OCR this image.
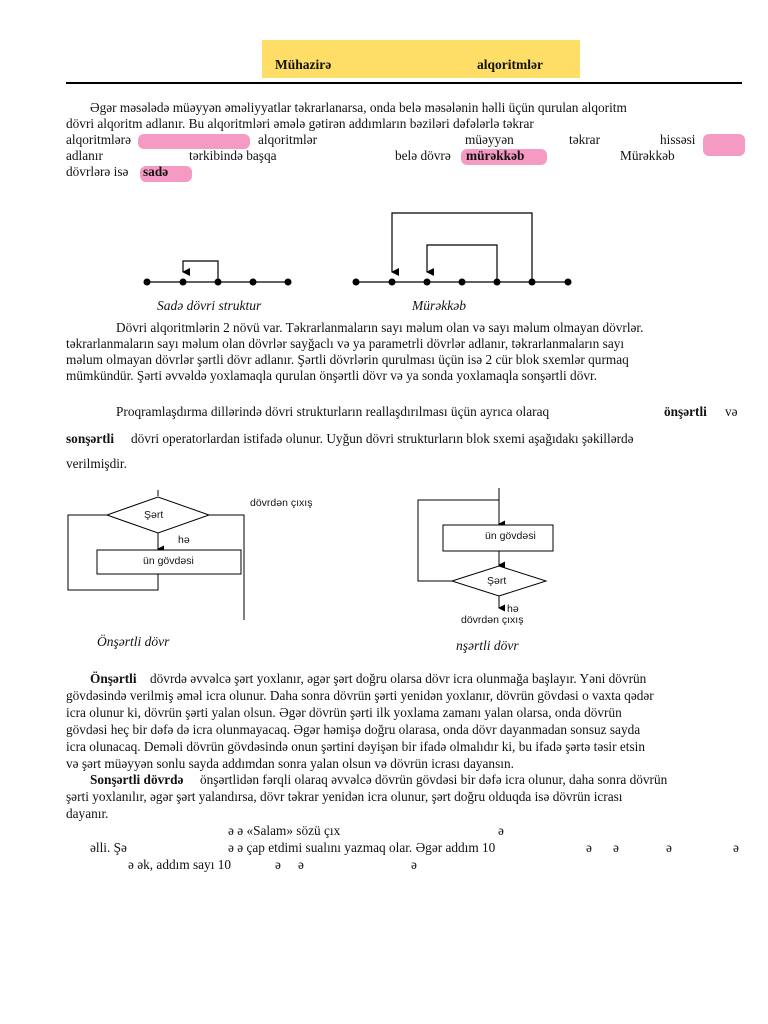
Mühazirə	alqoritmlər
Əgər məsələdə müəyyən əməliyyatlar təkrarlanarsa, onda belə məsələnin həlli üçün qurulan alqoritm
dövri alqoritm adlanır. Bu alqoritmləri əmələ gətirən addımların bəziləri dəfələrlə təkrar
alqoritmlərə	alqoritmlər	müəyyən	təkrar	hissəsi
adlanır	tərkibində başqa	belə dövrə mürəkkəb	Mürəkkəb
dövrlərə isə sadə
Sadə dövri struktur	Mürəkkəb
Dövri alqoritmlərin 2 növü var. Təkrarlanmaların sayı məlum olan və sayı məlum olmayan dövrlər.
təkrarlanmaların sayı məlum olan dövrlər sayğaclı və ya parametrli dövrlər adlanır, təkrarlanmaların sayı
məlum olmayan dövrlər şərtli dövr adlanır. Şərtli dövrlərin qurulması üçün isə 2 cür blok sxemlər qurmaq
mümkündür. Şərti əvvəldə yoxlamaqla qurulan önşərtli dövr və ya sonda yoxlamaqla sonşərtli dövr.
Proqramlaşdırma dillərində dövri strukturların reallaşdırılması üçün ayrıca olaraq	önşərtli və
sonşərtli dövri operatorlardan istifadə olunur. Uyğun dövri strukturların blok sxemi aşağıdakı şəkillərdə
verilmişdir.
Şərt
hə
ün gövdəsi
dövrdən çıxış
Önşərtli dövr
ün gövdəsi
Şərt
hə
dövrdən çıxış
nşərtli dövr
Önşərtli dövrdə əvvəlcə şərt yoxlanır, əgər şərt doğru olarsa dövr icra olunmağa başlayır. Yəni dövrün
gövdəsində verilmiş əməl icra olunur. Daha sonra dövrün şərti yenidən yoxlanır, dövrün gövdəsi o vaxta qədər
icra olunur ki, dövrün şərti yalan olsun. Əgər dövrün şərti ilk yoxlama zamanı yalan olarsa, onda dövrün
gövdəsi heç bir dəfə də icra olunmayacaq. Əgər həmişə doğru olarasa, onda dövr dayanmadan sonsuz sayda
icra olunacaq. Deməli dövrün gövdəsində onun şərtini dəyişən bir ifadə olmalıdır ki, bu ifadə şərtə təsir etsin
və şərt müəyyən sonlu sayda addımdan sonra yalan olsun və dövrün icrası dayansın.
Sonşərtli dövrdə önşərtlidən fərqli olaraq əvvəlcə dövrün gövdəsi bir dəfə icra olunur, daha sonra dövrün
şərti yoxlanılır, əgər şərt yalandırsa, dövr təkrar yenidən icra olunur, şərt doğru olduqda isə dövrün icrası
dayanır.
ə ə «Salam» sözü çıx	ə
əlli. Şə	ə ə çap etdimi sualını yazmaq olar. Əgər addım 10	ə ə	ə	ə
ə ək, addım sayı 10	ə ə	ə
